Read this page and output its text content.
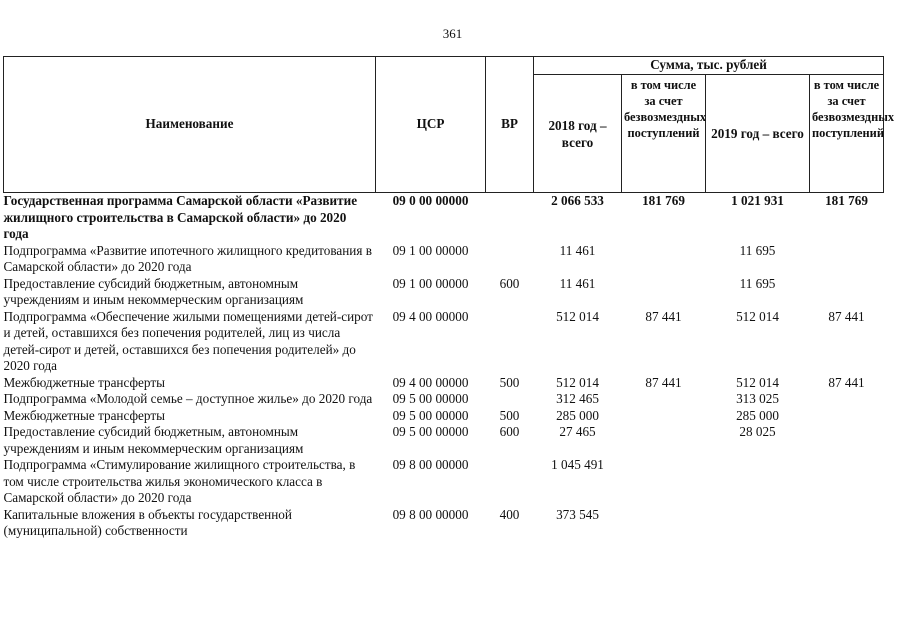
361
Наименование	ЦСР	ВР	Сумма, тыс. рублей			
			2018 год – всего	в том числе за счет безвозмездных поступлений	2019 год – всего	в том числе за счет безвозмездных поступлений
Государственная программа Самарской области «Развитие жилищного строительства в Самарской области» до 2020 года	09 0 00 00000		2 066 533	181 769	1 021 931	181 769
Подпрограмма «Развитие ипотечного жилищного кредитования в Самарской области» до 2020 года	09 1 00 00000		11 461		11 695	
Предоставление субсидий бюджетным, автономным учреждениям и иным некоммерческим организациям	09 1 00 00000	600	11 461		11 695	
Подпрограмма «Обеспечение жилыми помещениями детей-сирот и детей, оставшихся без попечения родителей, лиц из числа детей-сирот и детей, оставшихся без попечения родителей» до 2020 года	09 4 00 00000		512 014	87 441	512 014	87 441
Межбюджетные трансферты	09 4 00 00000	500	512 014	87 441	512 014	87 441
Подпрограмма «Молодой семье – доступное жилье» до 2020 года	09 5 00 00000		312 465		313 025	
Межбюджетные трансферты	09 5 00 00000	500	285 000		285 000	
Предоставление субсидий бюджетным, автономным учреждениям и иным некоммерческим организациям	09 5 00 00000	600	27 465		28 025	
Подпрограмма «Стимулирование жилищного строительства, в том числе строительства жилья экономического класса в Самарской области» до 2020 года	09 8 00 00000		1 045 491			
Капитальные вложения в объекты государственной (муниципальной) собственности	09 8 00 00000	400	373 545			
